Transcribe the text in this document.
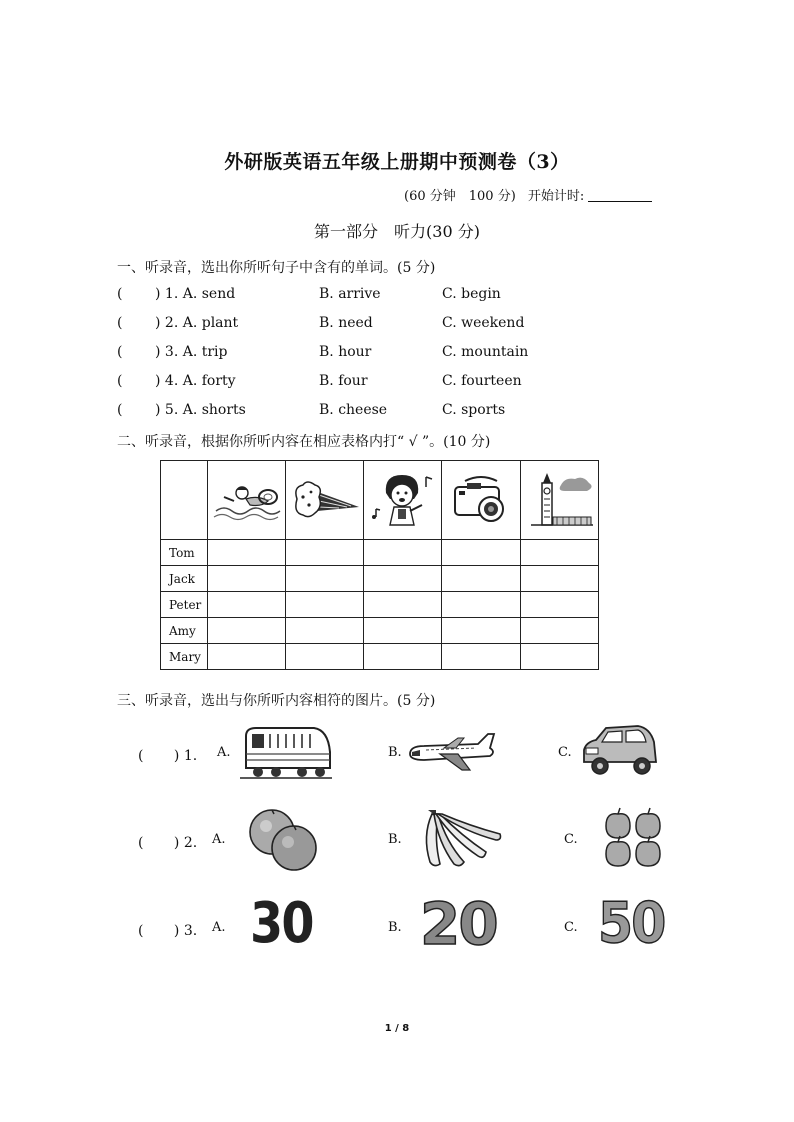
外研版英语五年级上册期中预测卷（3）
(60 分钟　100 分) 开始计时:
第一部分　听力(30 分)
一、听录音，选出你所听句子中含有的单词。(5 分)
( ) 1. A. send	B. arrive	C. begin
( ) 2. A. plant	B. need	C. weekend
( ) 3. A. trip	B. hour	C. mountain
( ) 4. A. forty	B. four	C. fourteen
( ) 5. A. shorts	B. cheese	C. sports
二、听录音，根据你所听内容在相应表格内打“ √ ”。(10 分)

Tom					
Jack					
Peter					
Amy					
Mary					
三、听录音，选出与你所听内容相符的图片。(5 分)
( ) 1. A.	B.	C.
( ) 2. A.	B.	C.
( ) 3. A. 30	B. 20	C. 50
1 / 8
